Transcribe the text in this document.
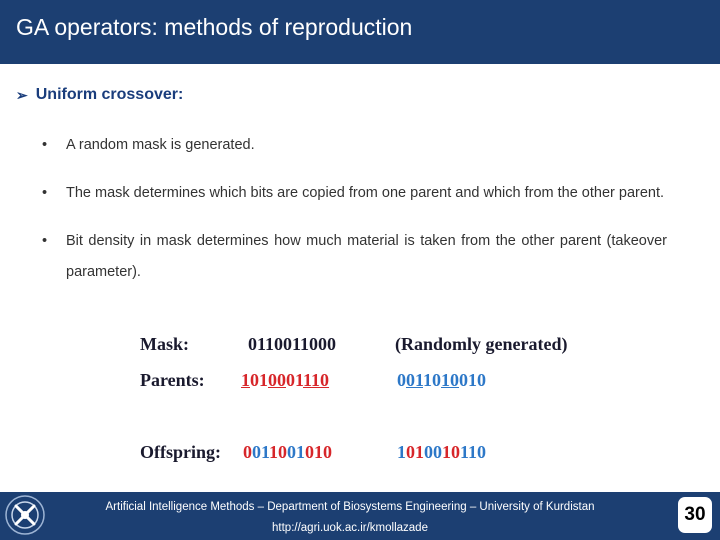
GA operators: methods of reproduction
➢ Uniform crossover:
•	A random mask is generated.
•	The mask determines which bits are copied from one parent and which from the other parent.
•	Bit density in mask determines how much material is taken from the other parent (takeover parameter).
Mask:	0110011000	(Randomly generated)
Parents: 1010001110	0011010010
Offspring: 0011001010	1010010110
Artificial Intelligence Methods – Department of Biosystems Engineering – University of Kurdistan
http://agri.uok.ac.ir/kmollazade
30
